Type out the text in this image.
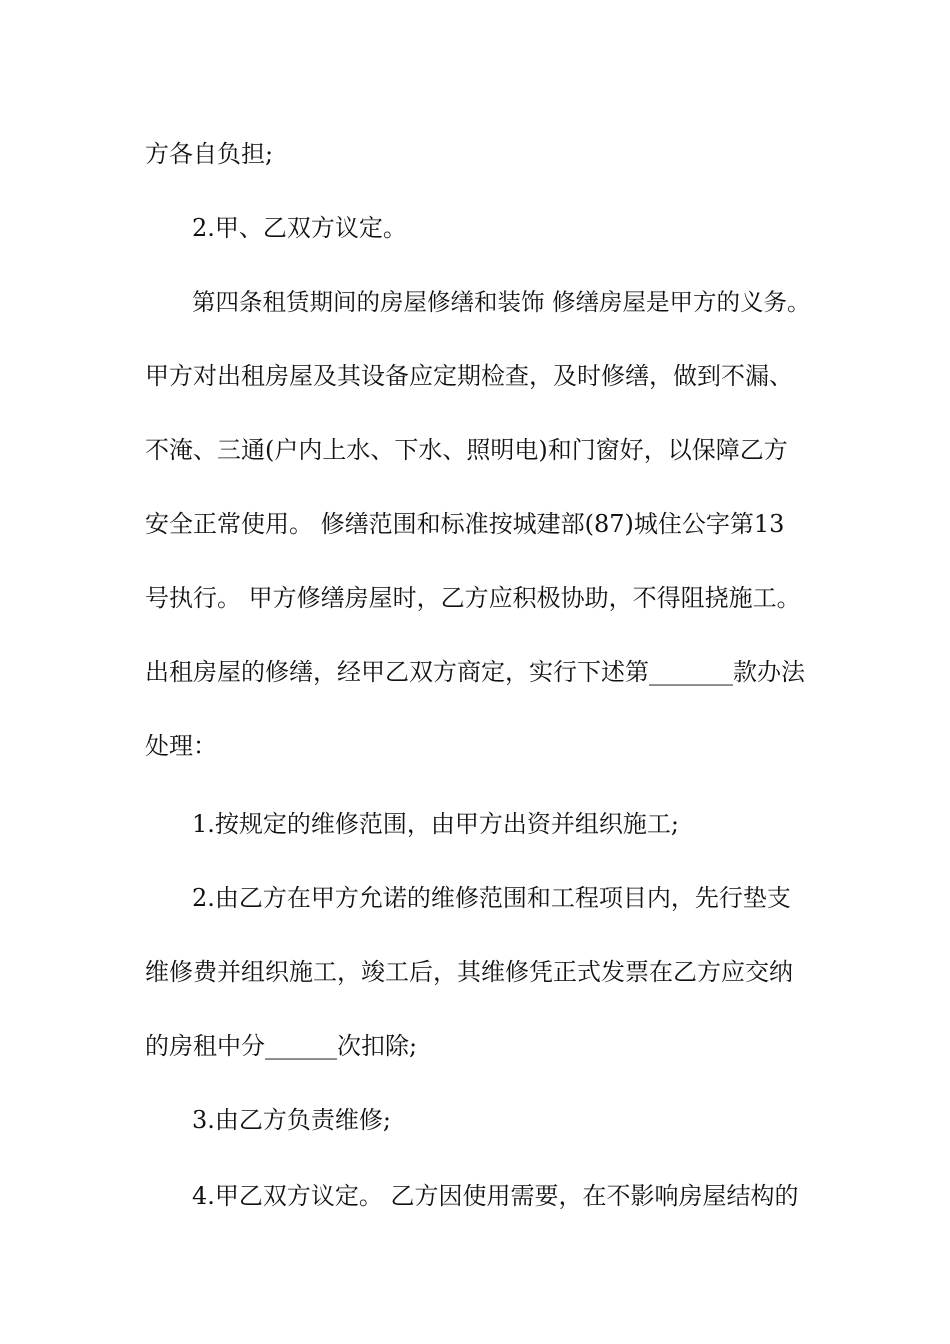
方各自负担;
2.甲、乙双方议定。
第四条租赁期间的房屋修缮和装饰 修缮房屋是甲方的义务。
甲方对出租房屋及其设备应定期检查，及时修缮，做到不漏、
不淹、三通(户内上水、下水、照明电)和门窗好，以保障乙方
安全正常使用。 修缮范围和标准按城建部(87)城住公字第13
号执行。 甲方修缮房屋时，乙方应积极协助，不得阻挠施工。
出租房屋的修缮，经甲乙双方商定，实行下述第_______款办法
处理：
1.按规定的维修范围，由甲方出资并组织施工;
2.由乙方在甲方允诺的维修范围和工程项目内，先行垫支
维修费并组织施工，竣工后，其维修凭正式发票在乙方应交纳
的房租中分______次扣除;
3.由乙方负责维修;
4.甲乙双方议定。 乙方因使用需要，在不影响房屋结构的
